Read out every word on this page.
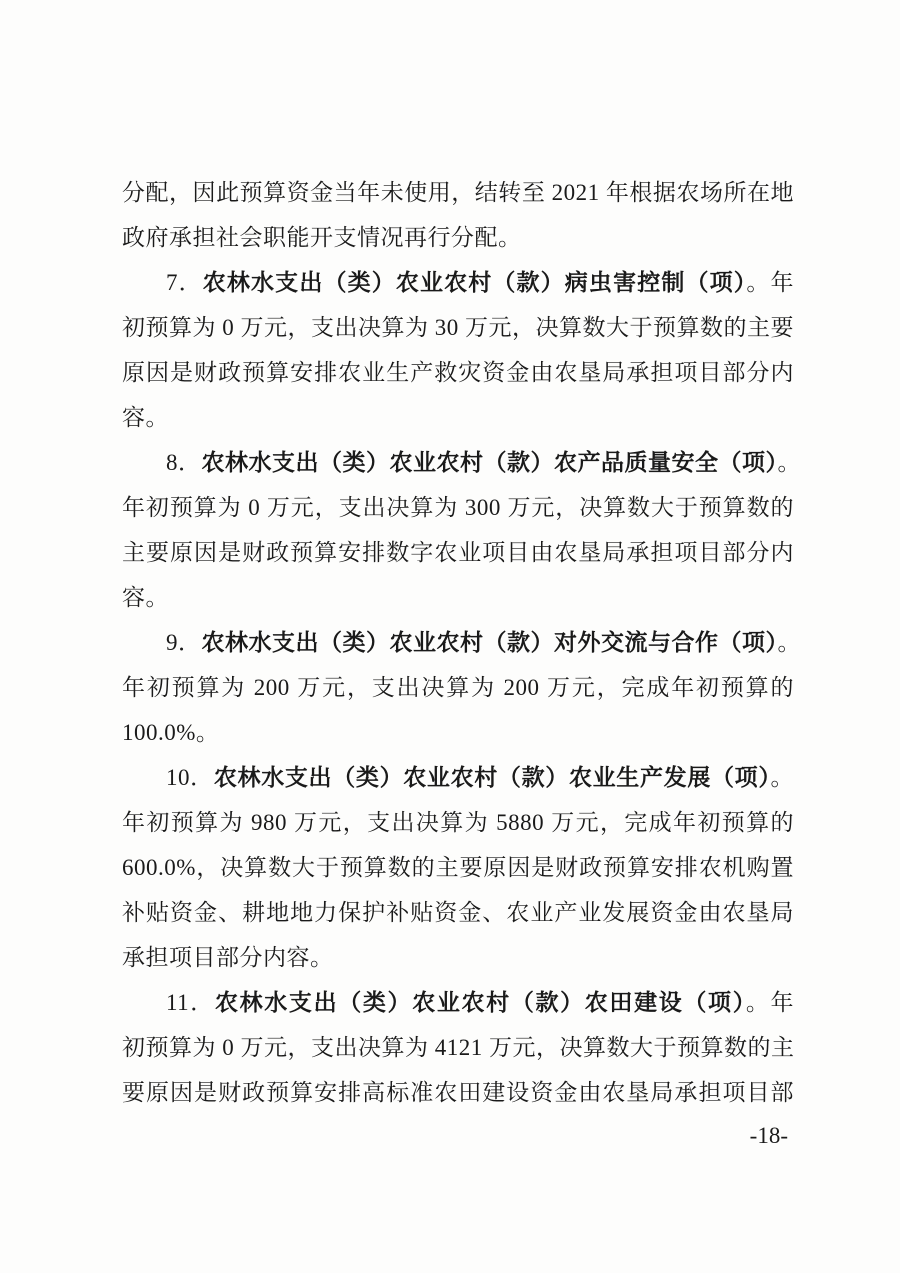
分配，因此预算资金当年未使用，结转至 2021 年根据农场所在地
政府承担社会职能开支情况再行分配。
7．农林水支出（类）农业农村（款）病虫害控制（项）。年
初预算为 0 万元，支出决算为 30 万元，决算数大于预算数的主要
原因是财政预算安排农业生产救灾资金由农垦局承担项目部分内
容。
8．农林水支出（类）农业农村（款）农产品质量安全（项）。
年初预算为 0 万元，支出决算为 300 万元，决算数大于预算数的
主要原因是财政预算安排数字农业项目由农垦局承担项目部分内
容。
9．农林水支出（类）农业农村（款）对外交流与合作（项）。
年初预算为 200 万元，支出决算为 200 万元，完成年初预算的
100.0%。
10．农林水支出（类）农业农村（款）农业生产发展（项）。
年初预算为 980 万元，支出决算为 5880 万元，完成年初预算的
600.0%，决算数大于预算数的主要原因是财政预算安排农机购置
补贴资金、耕地地力保护补贴资金、农业产业发展资金由农垦局
承担项目部分内容。
11．农林水支出（类）农业农村（款）农田建设（项）。年
初预算为 0 万元，支出决算为 4121 万元，决算数大于预算数的主
要原因是财政预算安排高标准农田建设资金由农垦局承担项目部
-18-
